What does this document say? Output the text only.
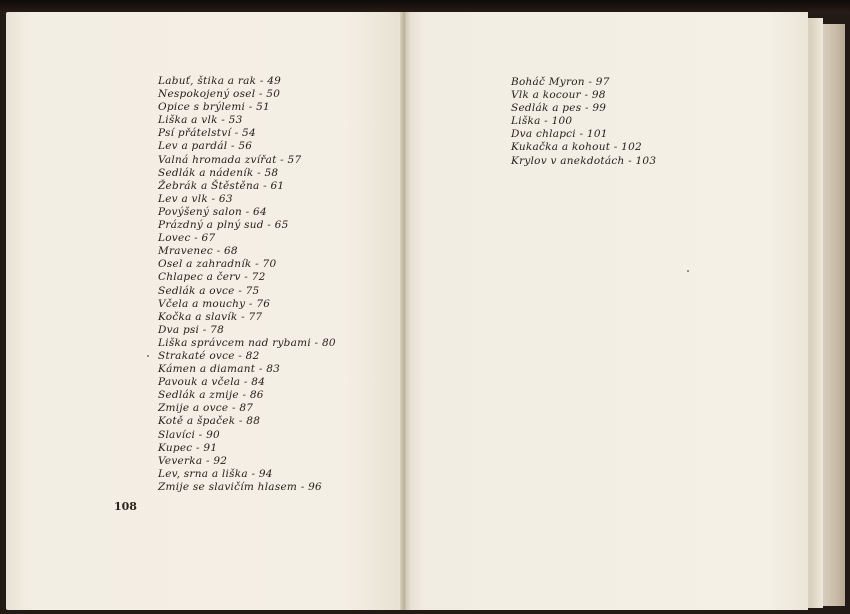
Labuť, štika a rak - 49
Nespokojený osel - 50
Opice s brýlemi - 51
Liška a vlk - 53
Psí přátelství - 54
Lev a pardál - 56
Valná hromada zvířat - 57
Sedlák a nádeník - 58
Žebrák a Štěstěna - 61
Lev a vlk - 63
Povýšený salon - 64
Prázdný a plný sud - 65
Lovec - 67
Mravenec - 68
Osel a zahradník - 70
Chlapec a červ - 72
Sedlák a ovce - 75
Včela a mouchy - 76
Kočka a slavík - 77
Dva psi - 78
Liška správcem nad rybami - 80
Strakaté ovce - 82
Kámen a diamant - 83
Pavouk a včela - 84
Sedlák a zmije - 86
Zmije a ovce - 87
Kotě a špaček - 88
Slavíci - 90
Kupec - 91
Veverka - 92
Lev, srna a liška - 94
Zmije se slavičím hlasem - 96
108
Boháč Myron - 97
Vlk a kocour - 98
Sedlák a pes - 99
Liška - 100
Dva chlapci - 101
Kukačka a kohout - 102
Krylov v anekdotách - 103
